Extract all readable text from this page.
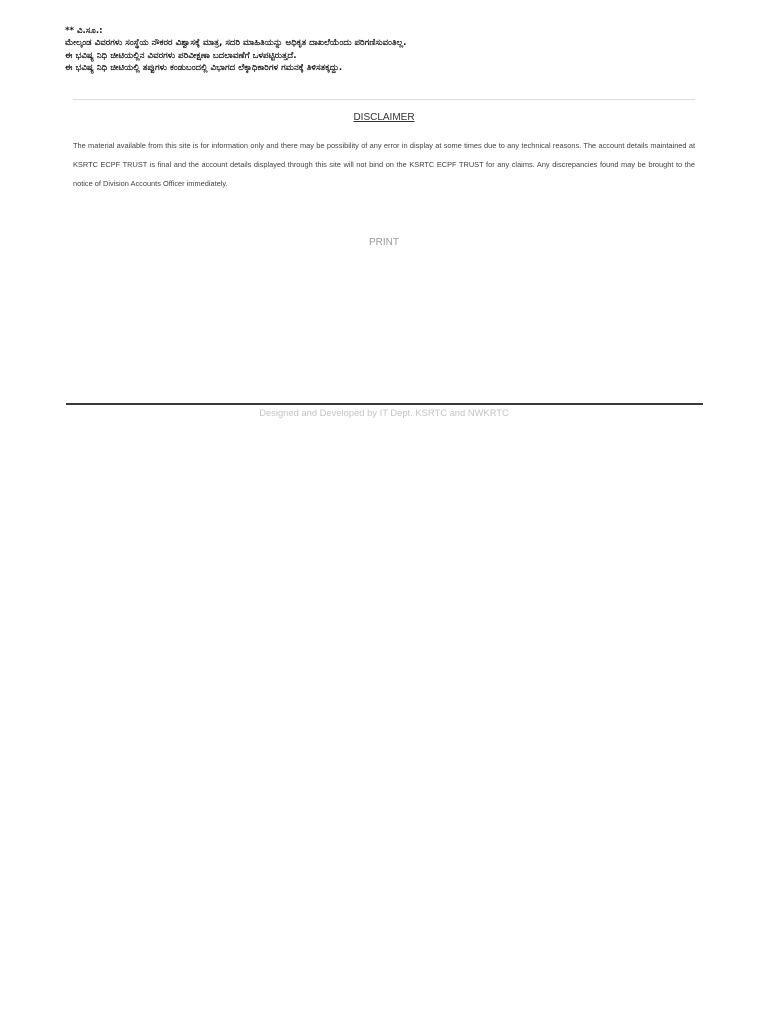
** ವಿ.ಸೂ.:
ಮೇಲ್ಕಂಡ ವಿವರಗಳು ಸಂಸ್ಥೆಯ ನೌಕರರ ವಿಶ್ವಾಸಕ್ಕೆ ಮಾತ್ರ, ಸದರಿ ಮಾಹಿತಿಯನ್ನು ಅಧಿಕೃತ ದಾಖಲೆಯೆಂದು ಪರಿಗಣಿಸುವಂತಿಲ್ಲ.
ಈ ಭವಿಷ್ಯ ನಿಧಿ ಚೀಟಿಯಲ್ಲಿನ ವಿವರಗಳು ಪರಿವೀಕ್ಷಣಾ ಬದಲಾವಣೆಗೆ ಒಳಪಟ್ಟಿರುತ್ತದೆ.
ಈ ಭವಿಷ್ಯ ನಿಧಿ ಚೀಟಿಯಲ್ಲಿ ತಪ್ಪುಗಳು ಕಂಡುಬಂದಲ್ಲಿ ವಿಭಾಗದ ಲೆಕ್ಕಾಧಿಕಾರಿಗಳ ಗಮನಕ್ಕೆ ತಿಳಿಸತಕ್ಕದ್ದು.
DISCLAIMER

The material available from this site is for information only and there may be possibility of any error in display at some times due to any technical reasons. The account details maintained at KSRTC ECPF TRUST is final and the account details displayed through this site will not bind on the KSRTC ECPF TRUST for any claims. Any discrepancies found may be brought to the notice of Division Accounts Officer immediately.

PRINT
Designed and Developed by IT Dept. KSRTC and NWKRTC
